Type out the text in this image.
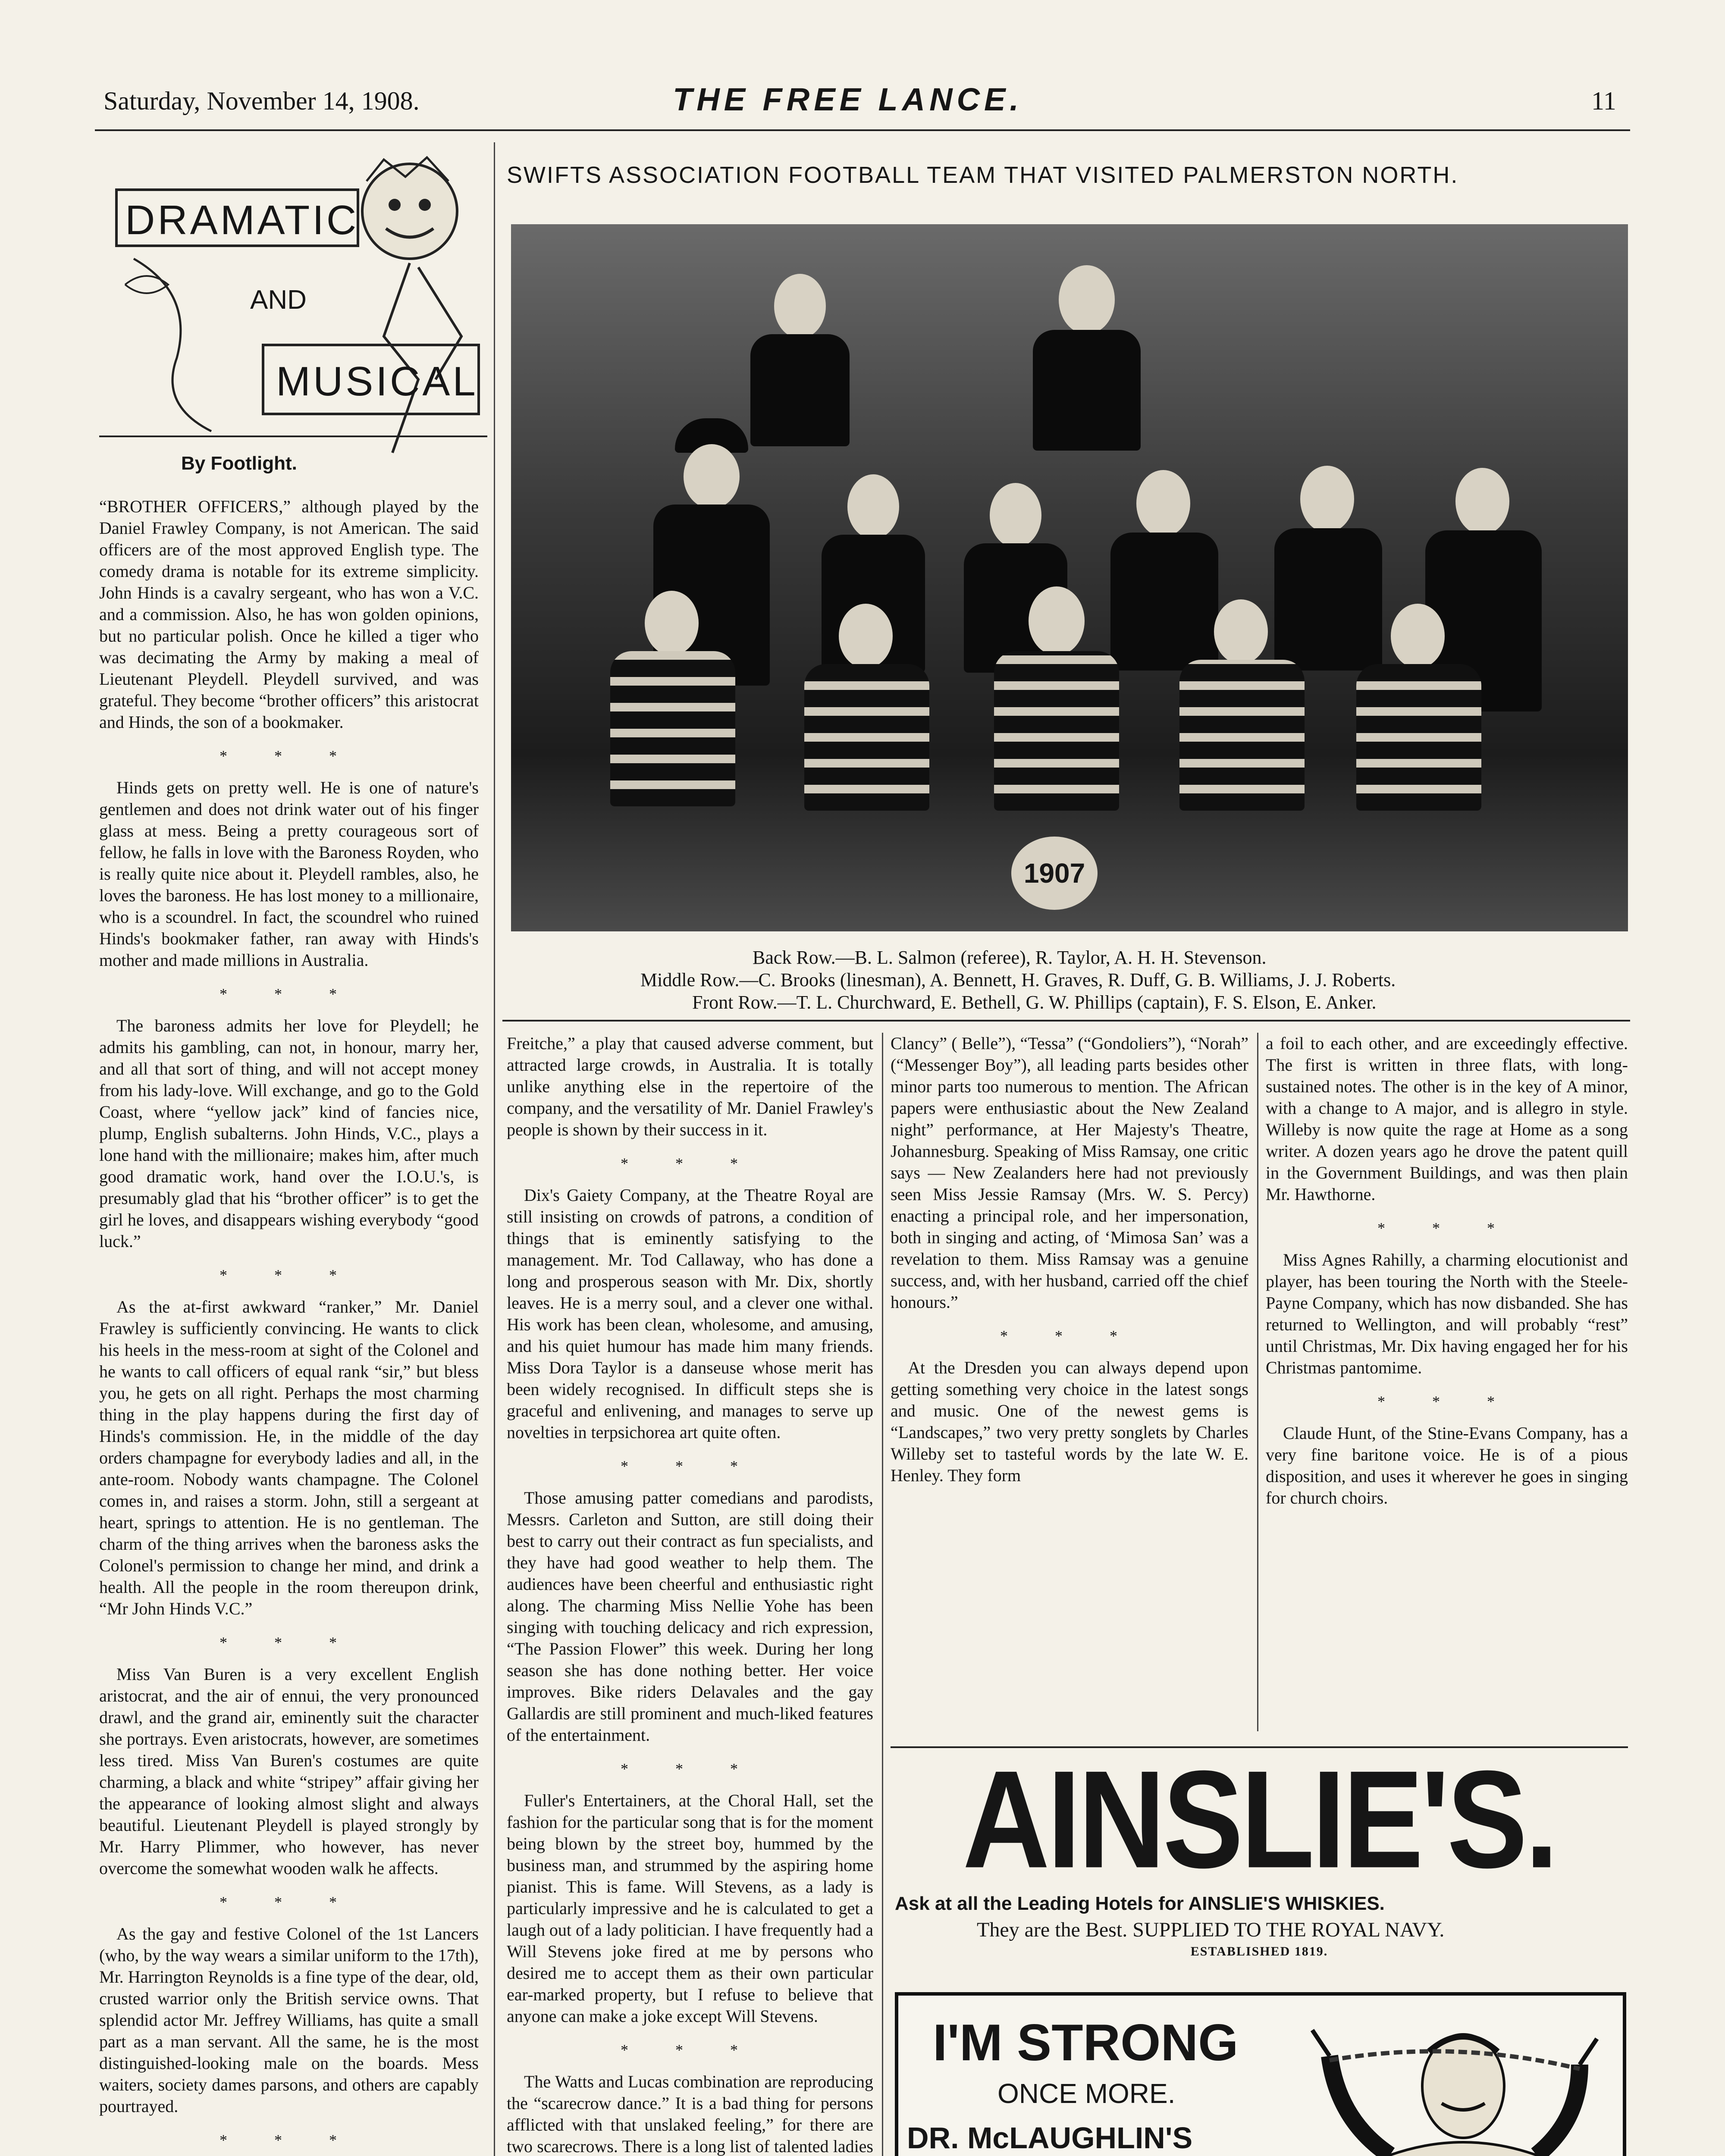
Saturday, November 14, 1908.	THE FREE LANCE.	11
DRAMATIC
AND
MUSICAL
By Footlight.

“BROTHER OFFICERS,” although played by the Daniel Frawley Company, is not American. The said officers are of the most approved English type. The comedy drama is notable for its extreme simplicity. John Hinds is a cavalry sergeant, who has won a V.C. and a commission. Also, he has won golden opinions, but no particular polish. Once he killed a tiger who was decimating the Army by making a meal of Lieutenant Pleydell. Pleydell survived, and was grateful. They become “brother officers” this aristocrat and Hinds, the son of a bookmaker.

* * *

Hinds gets on pretty well. He is one of nature's gentlemen and does not drink water out of his finger glass at mess. Being a pretty courageous sort of fellow, he falls in love with the Baroness Royden, who is really quite nice about it. Pleydell rambles, also, he loves the baroness. He has lost money to a millionaire, who is a scoundrel. In fact, the scoundrel who ruined Hinds's bookmaker father, ran away with Hinds's mother and made millions in Australia.

* * *

The baroness admits her love for Pleydell; he admits his gambling, can not, in honour, marry her, and all that sort of thing, and will not accept money from his lady-love. Will exchange, and go to the Gold Coast, where “yellow jack” kind of fancies nice, plump, English subalterns. John Hinds, V.C., plays a lone hand with the millionaire; makes him, after much good dramatic work, hand over the I.O.U.'s, is presumably glad that his “brother officer” is to get the girl he loves, and disappears wishing everybody “good luck.”

* * *

As the at-first awkward “ranker,” Mr. Daniel Frawley is sufficiently convincing. He wants to click his heels in the mess-room at sight of the Colonel and he wants to call officers of equal rank “sir,” but bless you, he gets on all right. Perhaps the most charming thing in the play happens during the first day of Hinds's commission. He, in the middle of the day orders champagne for everybody ladies and all, in the ante-room. Nobody wants champagne. The Colonel comes in, and raises a storm. John, still a sergeant at heart, springs to attention. He is no gentleman. The charm of the thing arrives when the baroness asks the Colonel's permission to change her mind, and drink a health. All the people in the room thereupon drink, “Mr John Hinds V.C.”

* * *

Miss Van Buren is a very excellent English aristocrat, and the air of ennui, the very pronounced drawl, and the grand air, eminently suit the character she portrays. Even aristocrats, however, are sometimes less tired. Miss Van Buren's costumes are quite charming, a black and white “stripey” affair giving her the appearance of looking almost slight and always beautiful. Lieutenant Pleydell is played strongly by Mr. Harry Plimmer, who however, has never overcome the somewhat wooden walk he affects.

* * *

As the gay and festive Colonel of the 1st Lancers (who, by the way wears a similar uniform to the 17th), Mr. Harrington Reynolds is a fine type of the dear, old, crusted warrior only the British service owns. That splendid actor Mr. Jeffrey Williams, has quite a small part as a man servant. All the same, he is the most distinguished-looking male on the boards. Mess waiters, society dames parsons, and others are capably pourtrayed.

* * *

SWIFTS ASSOCIATION FOOTBALL TEAM THAT VISITED PALMERSTON NORTH.
1907
Back Row.—B. L. Salmon (referee), R. Taylor, A. H. H. Stevenson.
Middle Row.—C. Brooks (linesman), A. Bennett, H. Graves, R. Duff, G. B. Williams, J. J. Roberts.
Front Row.—T. L. Churchward, E. Bethell, G. W. Phillips (captain), F. S. Elson, E. Anker.

Freitche,” a play that caused adverse comment, but attracted large crowds, in Australia. It is totally unlike anything else in the repertoire of the company, and the versatility of Mr. Daniel Frawley's people is shown by their success in it.

* * *

Dix's Gaiety Company, at the Theatre Royal are still insisting on crowds of patrons, a condition of things that is eminently satisfying to the management. Mr. Tod Callaway, who has done a long and prosperous season with Mr. Dix, shortly leaves. He is a merry soul, and a clever one withal. His work has been clean, wholesome, and amusing, and his quiet humour has made him many friends. Miss Dora Taylor is a danseuse whose merit has been widely recognised. In difficult steps she is graceful and enlivening, and manages to serve up novelties in terpsichorea art quite often.

* * *

Those amusing patter comedians and parodists, Messrs. Carleton and Sutton, are still doing their best to carry out their contract as fun specialists, and they have had good weather to help them. The audiences have been cheerful and enthusiastic right along. The charming Miss Nellie Yohe has been singing with touching delicacy and rich expression, “The Passion Flower” this week. During her long season she has done nothing better. Her voice improves. Bike riders Delavales and the gay Gallardis are still prominent and much-liked features of the entertainment.

* * *

Fuller's Entertainers, at the Choral Hall, set the fashion for the particular song that is for the moment being blown by the street boy, hummed by the business man, and strummed by the aspiring home pianist. This is fame. Will Stevens, as a lady is particularly impressive and he is calculated to get a laugh out of a lady politician. I have frequently had a Will Stevens joke fired at me by persons who desired me to accept them as their own particular ear-marked property, but I refuse to believe that anyone can make a joke except Will Stevens.

* * *

The Watts and Lucas combination are reproducing the “scarecrow dance.” It is a bad thing for persons afflicted with that unslaked feeling,” for there are two scarecrows. There is a long list of talented ladies

Clancy” ( Belle”), “Tessa” (“Gondoliers”), “Norah” (“Messenger Boy”), all leading parts besides other minor parts too numerous to mention. The African papers were enthusiastic about the New Zealand night” performance, at Her Majesty's Theatre, Johannesburg. Speaking of Miss Ramsay, one critic says — New Zealanders here had not previously seen Miss Jessie Ramsay (Mrs. W. S. Percy) enacting a principal role, and her impersonation, both in singing and acting, of ‘Mimosa San’ was a revelation to them. Miss Ramsay was a genuine success, and, with her husband, carried off the chief honours.”

* * *

At the Dresden you can always depend upon getting something very choice in the latest songs and music. One of the newest gems is “Landscapes,” two very pretty songlets by Charles Willeby set to tasteful words by the late W. E. Henley. They form

a foil to each other, and are exceedingly effective. The first is written in three flats, with long-sustained notes. The other is in the key of A minor, with a change to A major, and is allegro in style. Willeby is now quite the rage at Home as a song writer. A dozen years ago he drove the patent quill in the Government Buildings, and was then plain Mr. Hawthorne.

* * *

Miss Agnes Rahilly, a charming elocutionist and player, has been touring the North with the Steele-Payne Company, which has now disbanded. She has returned to Wellington, and will probably “rest” until Christmas, Mr. Dix having engaged her for his Christmas pantomime.

* * *

Claude Hunt, of the Stine-Evans Company, has a very fine baritone voice. He is of a pious disposition, and uses it wherever he goes in singing for church choirs.

AINSLIE'S.
Ask at all the Leading Hotels for AINSLIE'S WHISKIES.
They are the Best. SUPPLIED TO THE ROYAL NAVY.
ESTABLISHED 1819.
I'M STRONG
ONCE MORE.
DR. McLAUGHLIN'S
